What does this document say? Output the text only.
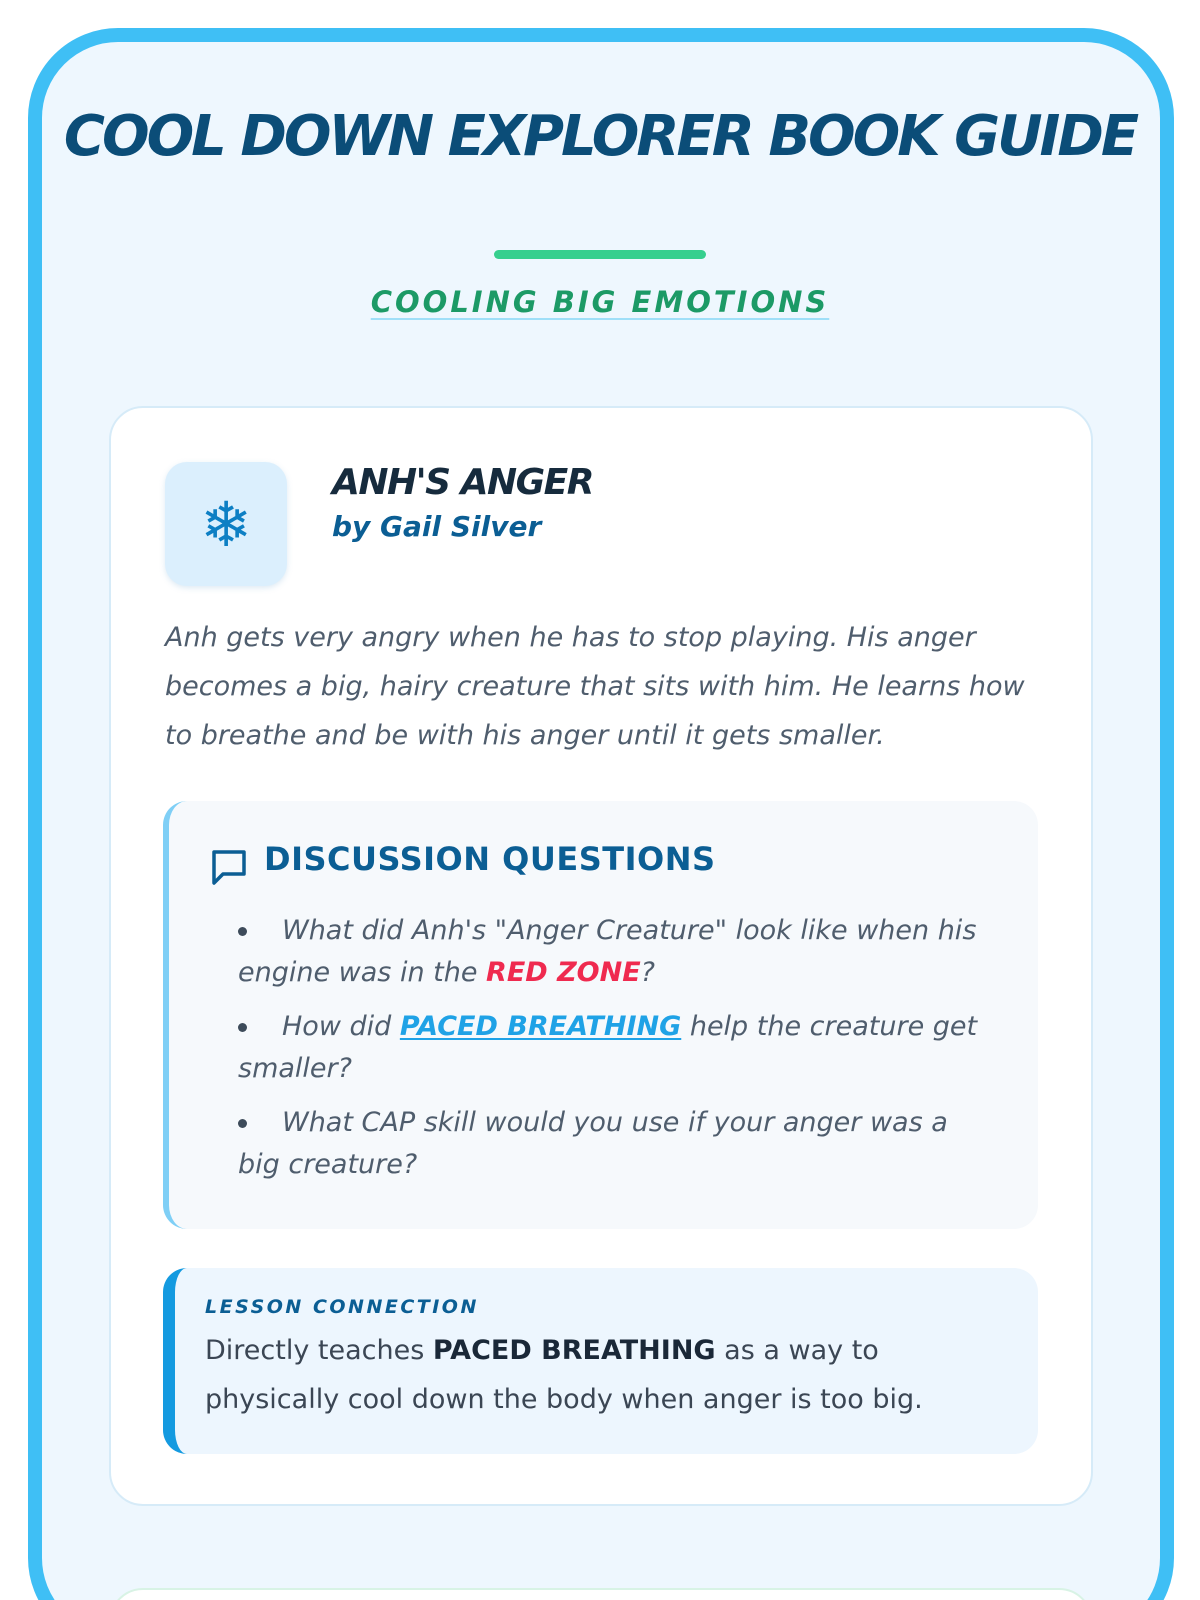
COOL DOWN EXPLORER BOOK GUIDE
COOLING BIG EMOTIONS
❄
ANH'S ANGER
by Gail Silver

Anh gets very angry when he has to stop playing. His anger becomes a big, hairy creature that sits with him. He learns how to breathe and be with his anger until it gets smaller.

DISCUSSION QUESTIONS
What did Anh's "Anger Creature" look like when his engine was in the RED ZONE?
How did PACED BREATHING help the creature get smaller?
What CAP skill would you use if your anger was a big creature?
LESSON CONNECTION

Directly teaches PACED BREATHING as a way to physically cool down the body when anger is too big.
